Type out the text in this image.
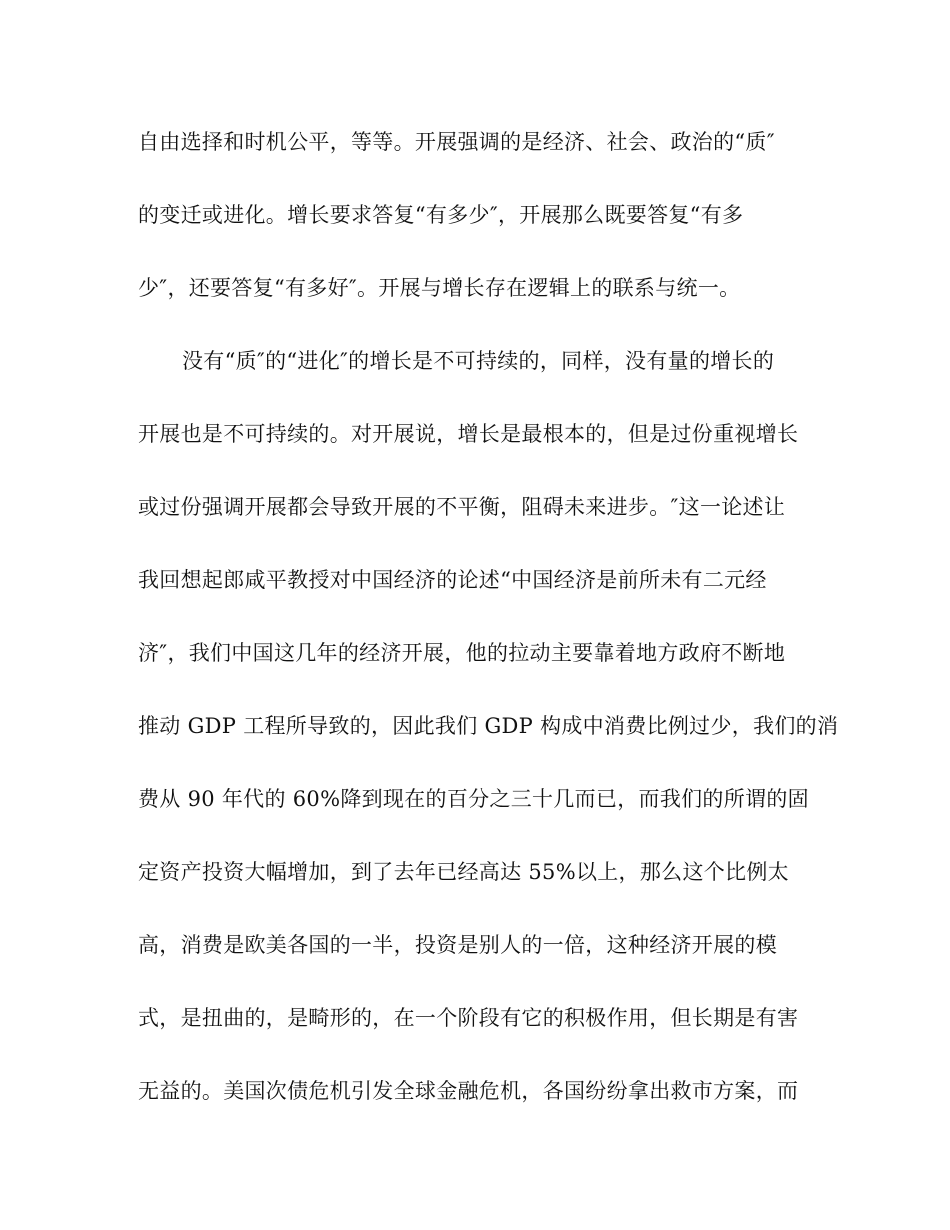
自由选择和时机公平，等等。开展强调的是经济、社会、政治的“质″
的变迁或进化。增长要求答复“有多少″，开展那么既要答复“有多
少″，还要答复“有多好″。开展与增长存在逻辑上的联系与统一。
没有“质″的“进化″的增长是不可持续的，同样，没有量的增长的
开展也是不可持续的。对开展说，增长是最根本的，但是过份重视增长
或过份强调开展都会导致开展的不平衡，阻碍未来进步。″这一论述让
我回想起郎咸平教授对中国经济的论述“中国经济是前所未有二元经
济″，我们中国这几年的经济开展，他的拉动主要靠着地方政府不断地
推动 GDP 工程所导致的，因此我们 GDP 构成中消费比例过少，我们的消
费从 90 年代的 60%降到现在的百分之三十几而已，而我们的所谓的固
定资产投资大幅增加，到了去年已经高达 55%以上，那么这个比例太
高，消费是欧美各国的一半，投资是别人的一倍，这种经济开展的模
式，是扭曲的，是畸形的，在一个阶段有它的积极作用，但长期是有害
无益的。美国次债危机引发全球金融危机，各国纷纷拿出救市方案，而
